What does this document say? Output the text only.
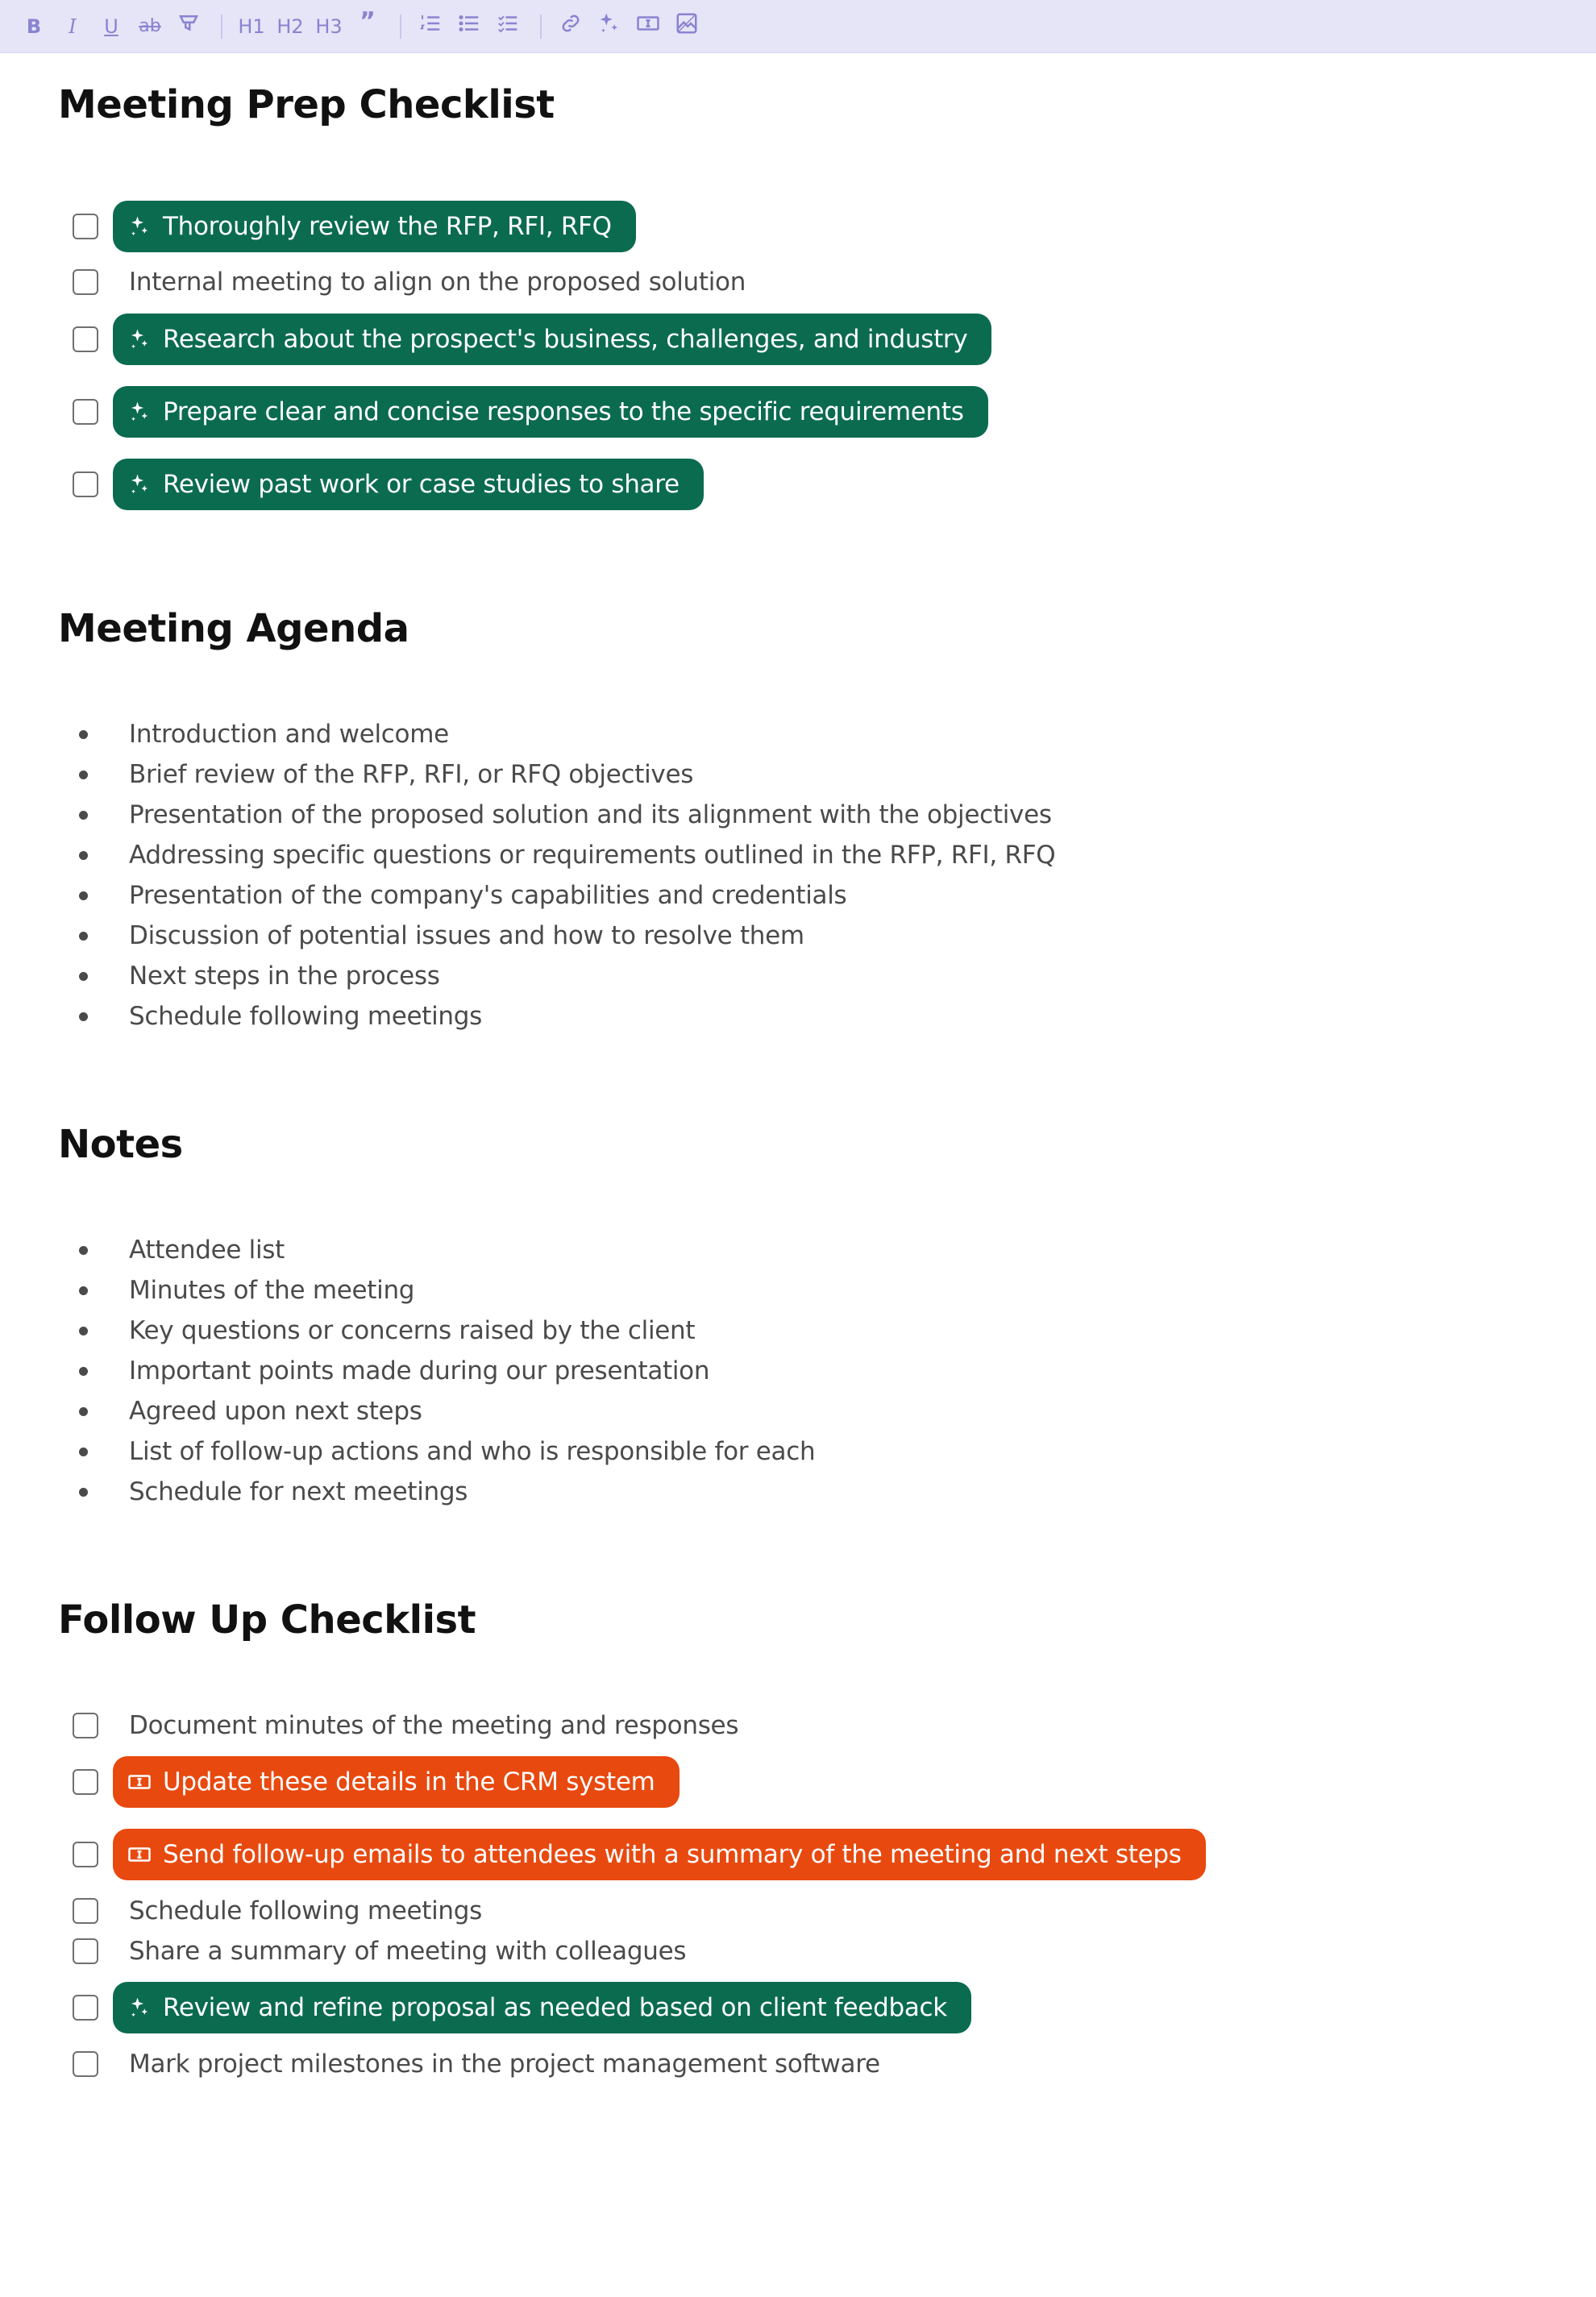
B	I	U	ab	H1 H2 H3 ”
Meeting Prep Checklist
Thoroughly review the RFP, RFI, RFQ
Internal meeting to align on the proposed solution
Research about the prospect's business, challenges, and industry
Prepare clear and concise responses to the specific requirements
Review past work or case studies to share
Meeting Agenda
Introduction and welcome
Brief review of the RFP, RFI, or RFQ objectives
Presentation of the proposed solution and its alignment with the objectives
Addressing specific questions or requirements outlined in the RFP, RFI, RFQ
Presentation of the company's capabilities and credentials
Discussion of potential issues and how to resolve them
Next steps in the process
Schedule following meetings
Notes
Attendee list
Minutes of the meeting
Key questions or concerns raised by the client
Important points made during our presentation
Agreed upon next steps
List of follow-up actions and who is responsible for each
Schedule for next meetings
Follow Up Checklist
Document minutes of the meeting and responses
Update these details in the CRM system
Send follow-up emails to attendees with a summary of the meeting and next steps
Schedule following meetings
Share a summary of meeting with colleagues
Review and refine proposal as needed based on client feedback
Mark project milestones in the project management software
